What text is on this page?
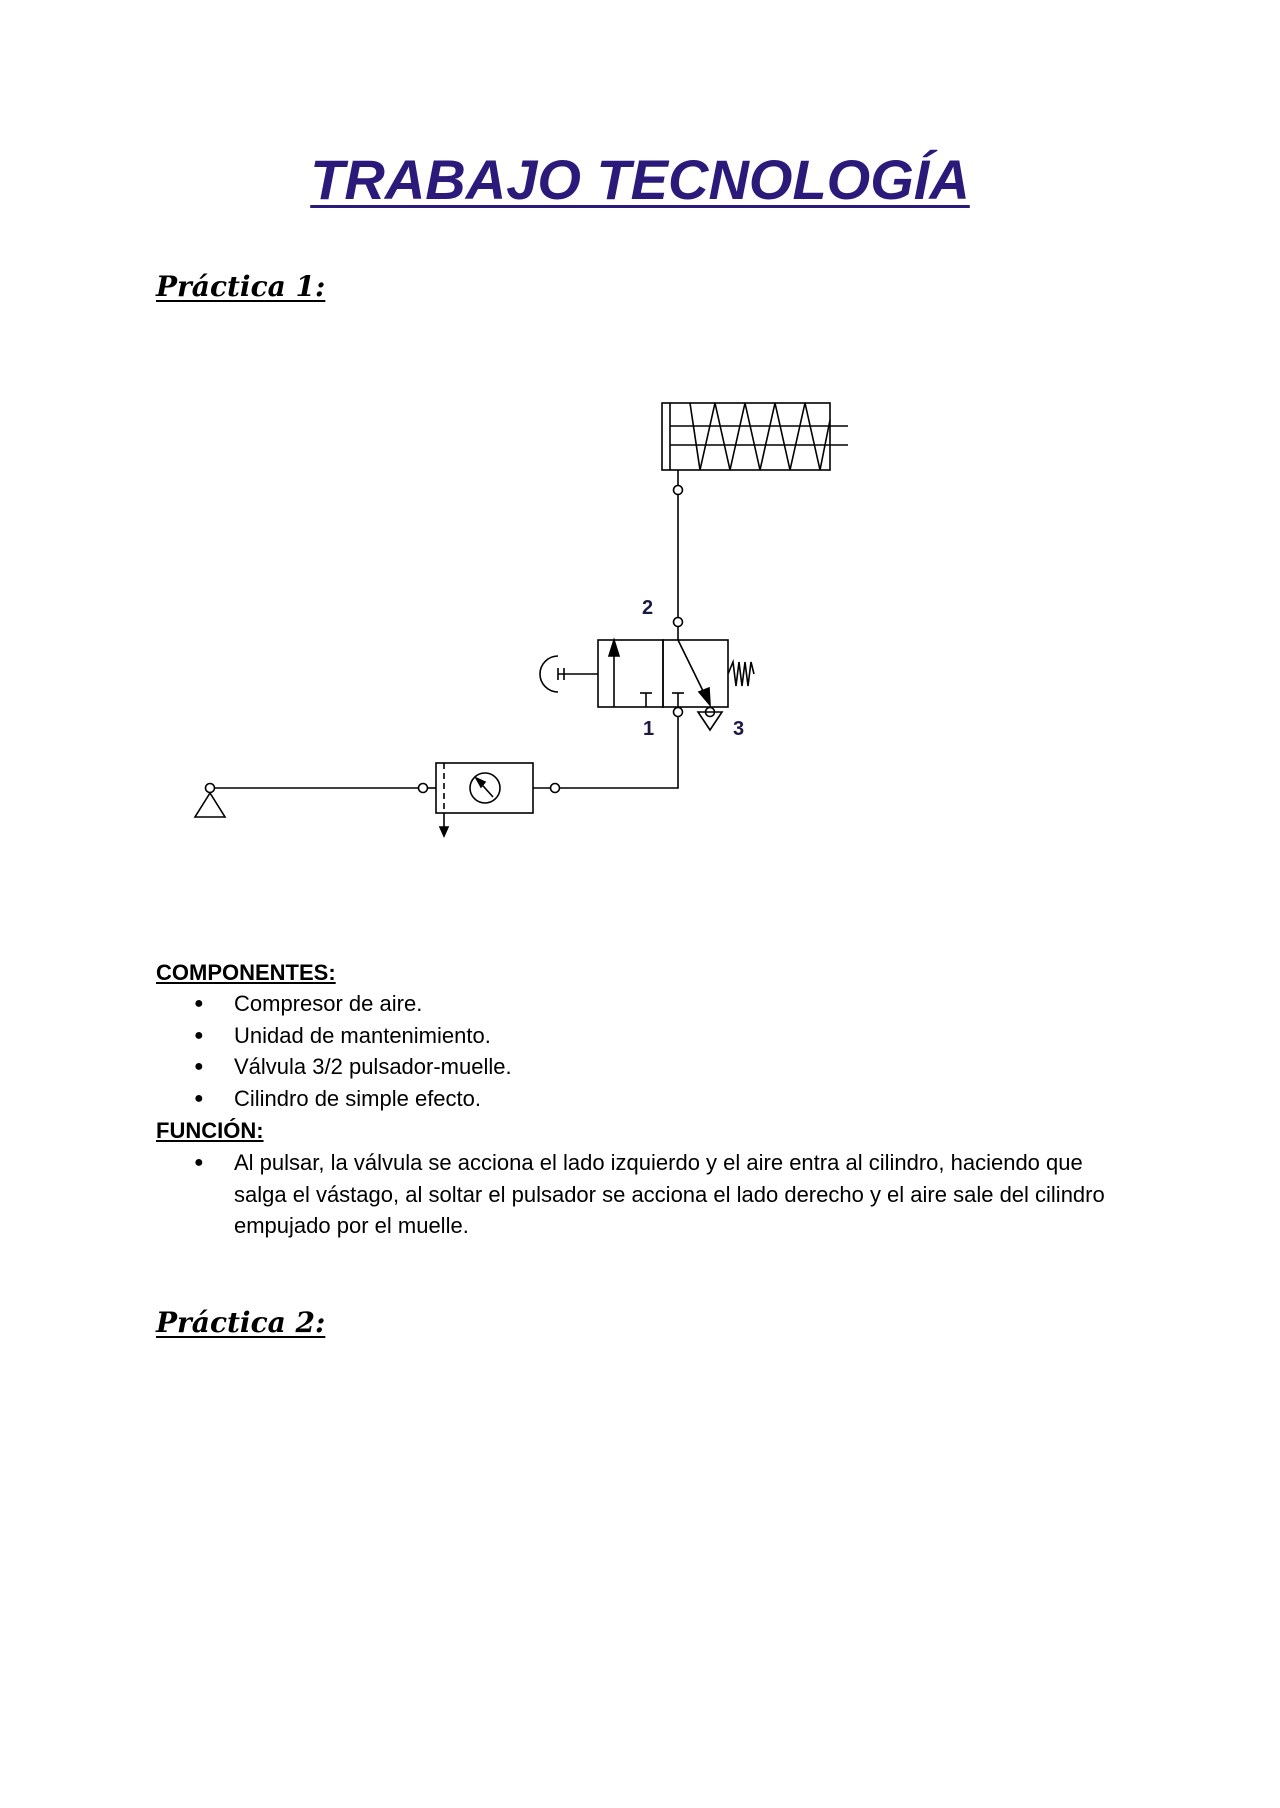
TRABAJO TECNOLOGÍA
Práctica 1:
2
1	3

COMPONENTES:

● Compresor de aire.
● Unidad de mantenimiento.
● Válvula 3/2 pulsador-muelle.
● Cilindro de simple efecto.

FUNCIÓN:

● Al pulsar, la válvula se acciona el lado izquierdo y el aire entra al cilindro, haciendo que salga el vástago, al soltar el pulsador se acciona el lado derecho y el aire sale del cilindro empujado por el muelle.
Práctica 2:
